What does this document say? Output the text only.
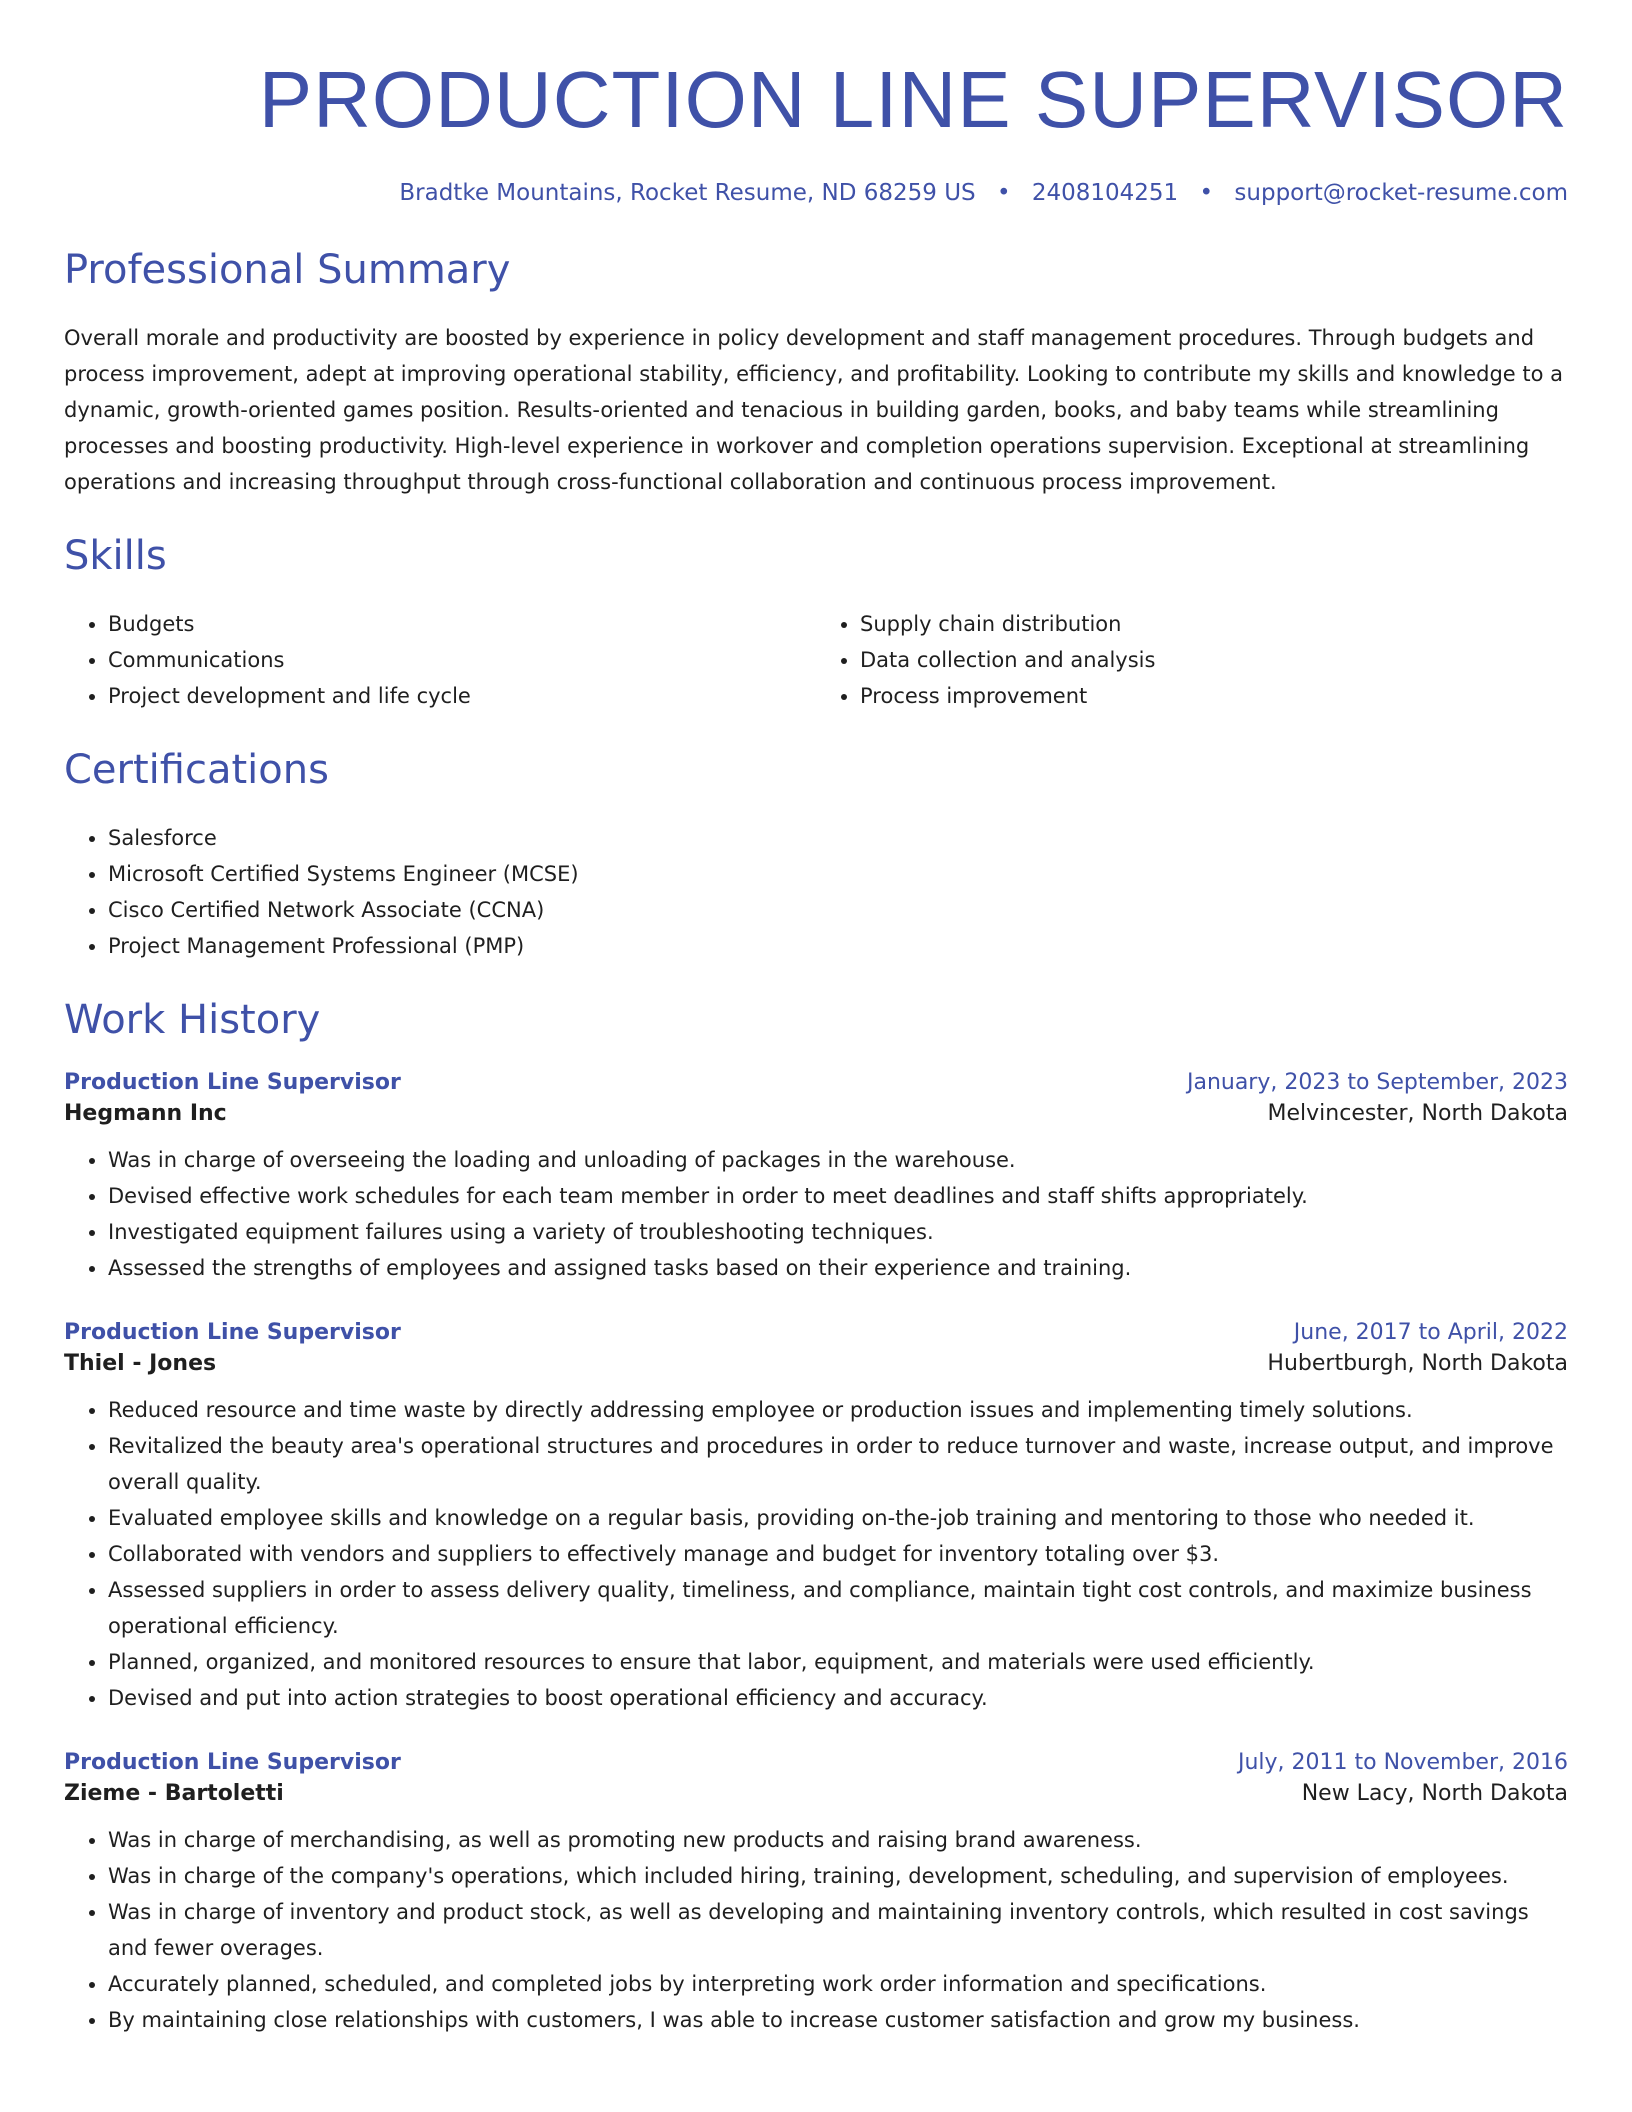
PRODUCTION LINE SUPERVISOR
Bradtke Mountains, Rocket Resume, ND 68259 US • 2408104251 • support@rocket-resume.com
Professional Summary
Overall morale and productivity are boosted by experience in policy development and staff management procedures. Through budgets and process improvement, adept at improving operational stability, efficiency, and profitability. Looking to contribute my skills and knowledge to a dynamic, growth-oriented games position. Results-oriented and tenacious in building garden, books, and baby teams while streamlining processes and boosting productivity. High-level experience in workover and completion operations supervision. Exceptional at streamlining operations and increasing throughput through cross-functional collaboration and continuous process improvement.
Skills
• Budgets
• Communications
• Project development and life cycle
• Supply chain distribution
• Data collection and analysis
• Process improvement
Certifications
• Salesforce
• Microsoft Certified Systems Engineer (MCSE)
• Cisco Certified Network Associate (CCNA)
• Project Management Professional (PMP)
Work History
Production Line Supervisor	January, 2023 to September, 2023
Hegmann Inc	Melvincester, North Dakota
• Was in charge of overseeing the loading and unloading of packages in the warehouse.
• Devised effective work schedules for each team member in order to meet deadlines and staff shifts appropriately.
• Investigated equipment failures using a variety of troubleshooting techniques.
• Assessed the strengths of employees and assigned tasks based on their experience and training.
Production Line Supervisor	June, 2017 to April, 2022
Thiel - Jones	Hubertburgh, North Dakota
• Reduced resource and time waste by directly addressing employee or production issues and implementing timely solutions.
• Revitalized the beauty area's operational structures and procedures in order to reduce turnover and waste, increase output, and improve overall quality.
• Evaluated employee skills and knowledge on a regular basis, providing on-the-job training and mentoring to those who needed it.
• Collaborated with vendors and suppliers to effectively manage and budget for inventory totaling over $3.
• Assessed suppliers in order to assess delivery quality, timeliness, and compliance, maintain tight cost controls, and maximize business operational efficiency.
• Planned, organized, and monitored resources to ensure that labor, equipment, and materials were used efficiently.
• Devised and put into action strategies to boost operational efficiency and accuracy.
Production Line Supervisor	July, 2011 to November, 2016
Zieme - Bartoletti	New Lacy, North Dakota
• Was in charge of merchandising, as well as promoting new products and raising brand awareness.
• Was in charge of the company's operations, which included hiring, training, development, scheduling, and supervision of employees.
• Was in charge of inventory and product stock, as well as developing and maintaining inventory controls, which resulted in cost savings and fewer overages.
• Accurately planned, scheduled, and completed jobs by interpreting work order information and specifications.
• By maintaining close relationships with customers, I was able to increase customer satisfaction and grow my business.
